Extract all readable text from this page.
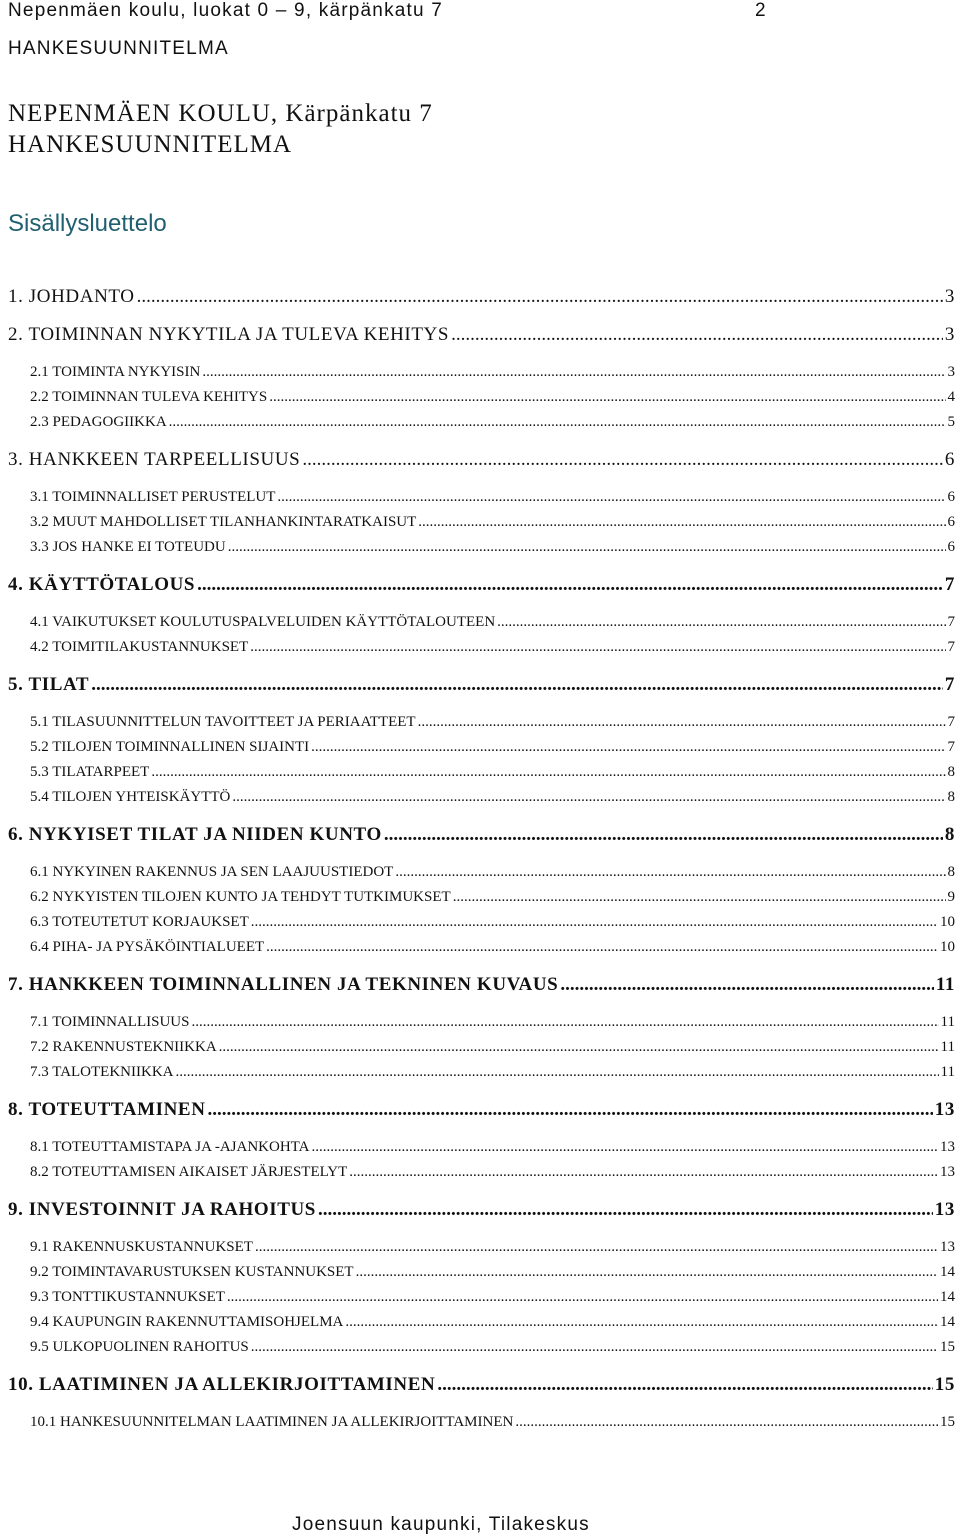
Nepenmäen koulu, luokat 0 – 9, kärpänkatu 7	2
HANKESUUNNITELMA
NEPENMÄEN KOULU, Kärpänkatu 7
HANKESUUNNITELMA
Sisällysluettelo
1. JOHDANTO .....	3
2. TOIMINNAN NYKYTILA JA TULEVA KEHITYS .....	3
2.1 TOIMINTA NYKYISIN .....	3
2.2 TOIMINNAN TULEVA KEHITYS .....	4
2.3 PEDAGOGIIKKA .....	5
3. HANKKEEN TARPEELLISUUS .....	6
3.1 TOIMINNALLISET PERUSTELUT .....	6
3.2 MUUT MAHDOLLISET TILANHANKINTARATKAISUT .....	6
3.3 JOS HANKE EI TOTEUDU .....	6
4. KÄYTTÖTALOUS .....	7
4.1 VAIKUTUKSET KOULUTUSPALVELUIDEN KÄYTTÖTALOUTEEN .....	7
4.2 TOIMITILAKUSTANNUKSET .....	7
5. TILAT .....	7
5.1 TILASUUNNITTELUN TAVOITTEET JA PERIAATTEET .....	7
5.2 TILOJEN TOIMINNALLINEN SIJAINTI .....	7
5.3 TILATARPEET .....	8
5.4 TILOJEN YHTEISKÄYTTÖ .....	8
6. NYKYISET TILAT JA NIIDEN KUNTO .....	8
6.1 NYKYINEN RAKENNUS JA SEN LAAJUUSTIEDOT .....	8
6.2 NYKYISTEN TILOJEN KUNTO JA TEHDYT TUTKIMUKSET .....	9
6.3 TOTEUTETUT KORJAUKSET .....	10
6.4 PIHA- JA PYSÄKÖINTIALUEET .....	10
7. HANKKEEN TOIMINNALLINEN JA TEKNINEN KUVAUS .....	11
7.1 TOIMINNALLISUUS .....	11
7.2 RAKENNUSTEKNIIKKA .....	11
7.3 TALOTEKNIIKKA .....	11
8. TOTEUTTAMINEN .....	13
8.1 TOTEUTTAMISTAPA JA -AJANKOHTA .....	13
8.2 TOTEUTTAMISEN AIKAISET JÄRJESTELYT .....	13
9. INVESTOINNIT JA RAHOITUS .....	13
9.1 RAKENNUSKUSTANNUKSET .....	13
9.2 TOIMINTAVARUSTUKSEN KUSTANNUKSET .....	14
9.3 TONTTIKUSTANNUKSET .....	14
9.4 KAUPUNGIN RAKENNUTTAMISOHJELMA .....	14
9.5 ULKOPUOLINEN RAHOITUS .....	15
10. LAATIMINEN JA ALLEKIRJOITTAMINEN .....	15
10.1 HANKESUUNNITELMAN LAATIMINEN JA ALLEKIRJOITTAMINEN .....	15
Joensuun kaupunki, Tilakeskus
